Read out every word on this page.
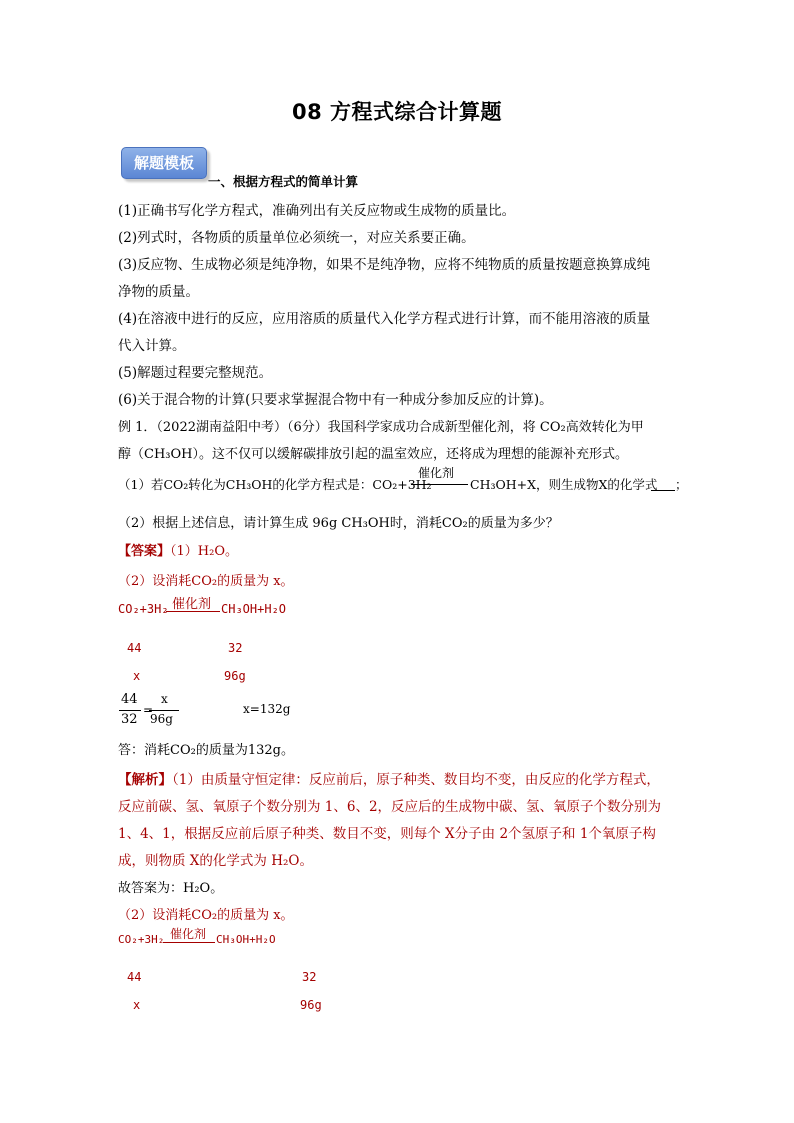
08 方程式综合计算题
解题模板
一、根据方程式的简单计算
(1)正确书写化学方程式，准确列出有关反应物或生成物的质量比。
(2)列式时，各物质的质量单位必须统一，对应关系要正确。
(3)反应物、生成物必须是纯净物，如果不是纯净物，应将不纯物质的质量按题意换算成纯
净物的质量。
(4)在溶液中进行的反应，应用溶质的质量代入化学方程式进行计算，而不能用溶液的质量
代入计算。
(5)解题过程要完整规范。
(6)关于混合物的计算(只要求掌握混合物中有一种成分参加反应的计算)。
例 1．（2022湖南益阳中考）（6分）我国科学家成功合成新型催化剂，将 CO₂高效转化为甲
醇（CH₃OH）。这不仅可以缓解碳排放引起的温室效应，还将成为理想的能源补充形式。
（1）若CO₂转化为CH₃OH的化学方程式是：CO₂+3H₂
催化剂
CH₃OH+X，则生成物X的化学式 ；
（2）根据上述信息，请计算生成 96g CH₃OH时，消耗CO₂的质量为多少？
【答案】（1）H₂O。
（2）设消耗CO₂的质量为 x。
CO₂+3H₂ 催化剂 CH₃OH+H₂O
44	32
x	96g
44
32
=
x
96g
x=132g
答：消耗CO₂的质量为132g。
【解析】（1）由质量守恒定律：反应前后，原子种类、数目均不变，由反应的化学方程式，
反应前碳、氢、氧原子个数分别为 1、6、2，反应后的生成物中碳、氢、氧原子个数分别为
1、4、1，根据反应前后原子种类、数目不变，则每个 X分子由 2个氢原子和 1个氧原子构
成，则物质 X的化学式为 H₂O。
故答案为：H₂O。
（2）设消耗CO₂的质量为 x。
CO₂+3H₂ 催化剂 CH₃OH+H₂O
44	32
x	96g
